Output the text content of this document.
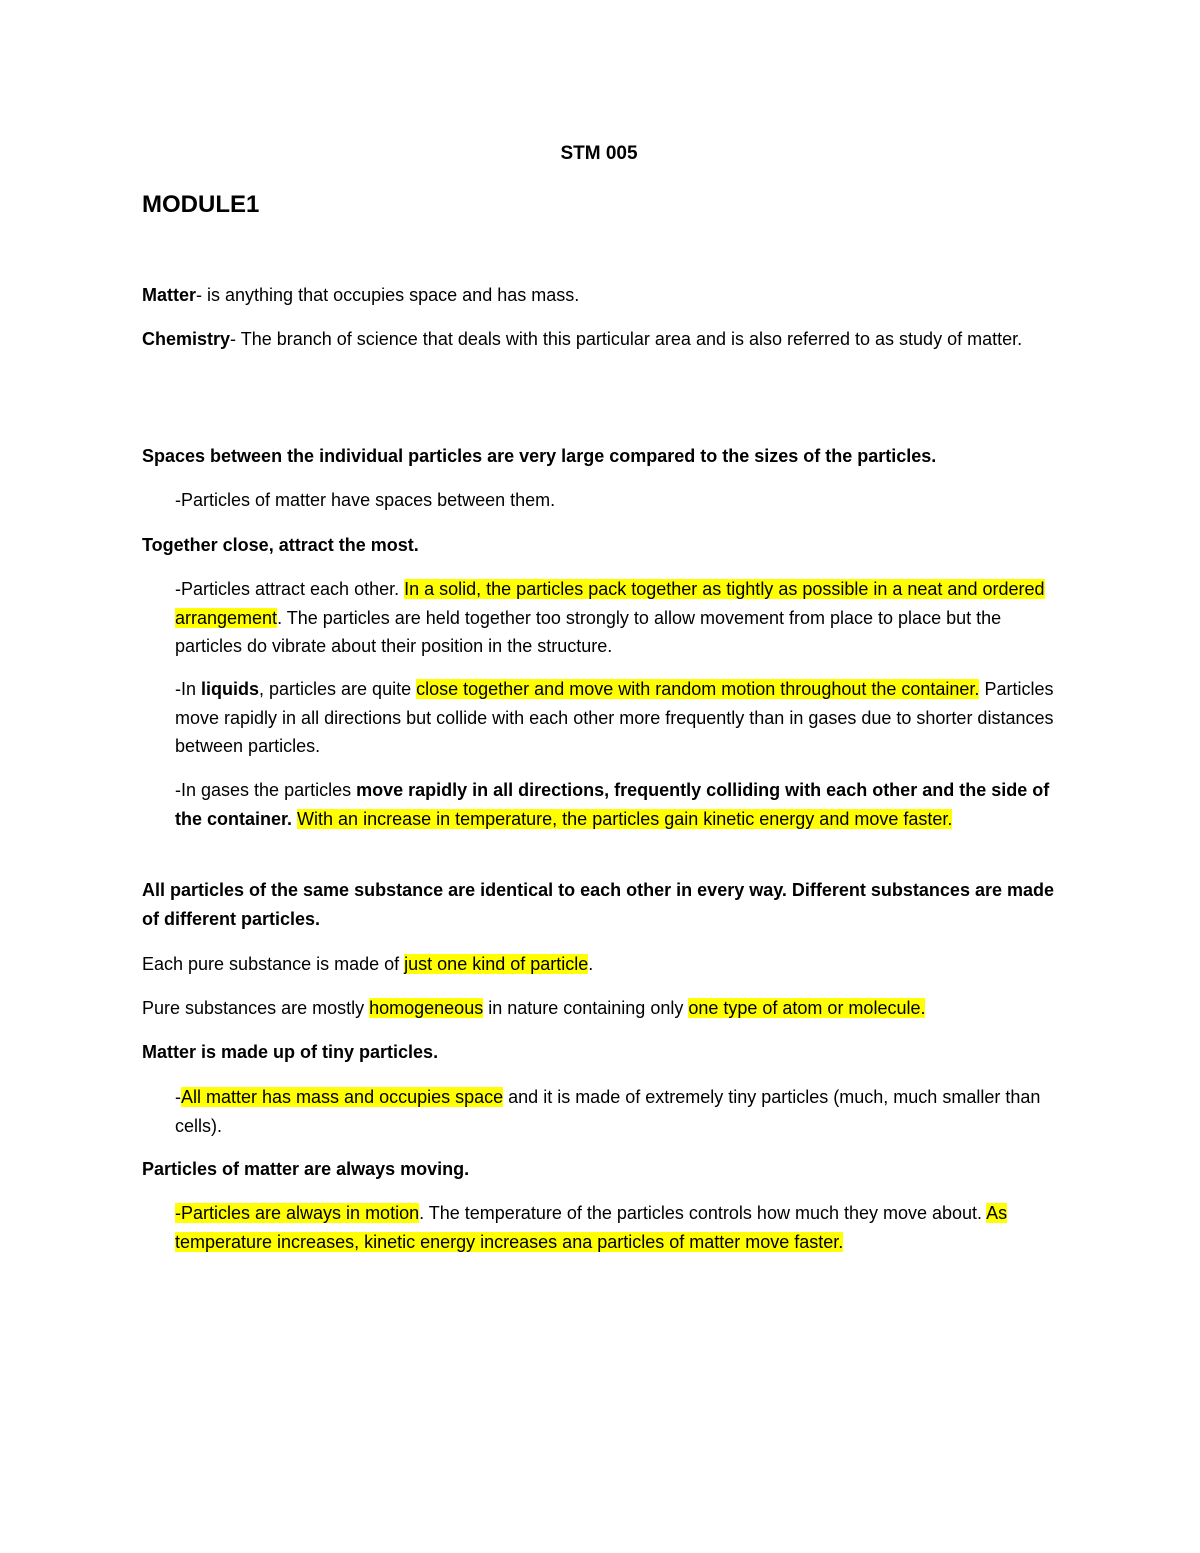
STM 005
MODULE1

Matter- is anything that occupies space and has mass.

Chemistry- The branch of science that deals with this particular area and is also referred to as study of matter.

Spaces between the individual particles are very large compared to the sizes of the particles.

-Particles of matter have spaces between them.

Together close, attract the most.

-Particles attract each other. In a solid, the particles pack together as tightly as possible in a neat and ordered arrangement. The particles are held together too strongly to allow movement from place to place but the particles do vibrate about their position in the structure.

-In liquids, particles are quite close together and move with random motion throughout the container. Particles move rapidly in all directions but collide with each other more frequently than in gases due to shorter distances between particles.

-In gases the particles move rapidly in all directions, frequently colliding with each other and the side of the container. With an increase in temperature, the particles gain kinetic energy and move faster.

All particles of the same substance are identical to each other in every way. Different substances are made of different particles.

Each pure substance is made of just one kind of particle.

Pure substances are mostly homogeneous in nature containing only one type of atom or molecule.

Matter is made up of tiny particles.

-All matter has mass and occupies space and it is made of extremely tiny particles (much, much smaller than cells).

Particles of matter are always moving.

-Particles are always in motion. The temperature of the particles controls how much they move about. As temperature increases, kinetic energy increases ana particles of matter move faster.
